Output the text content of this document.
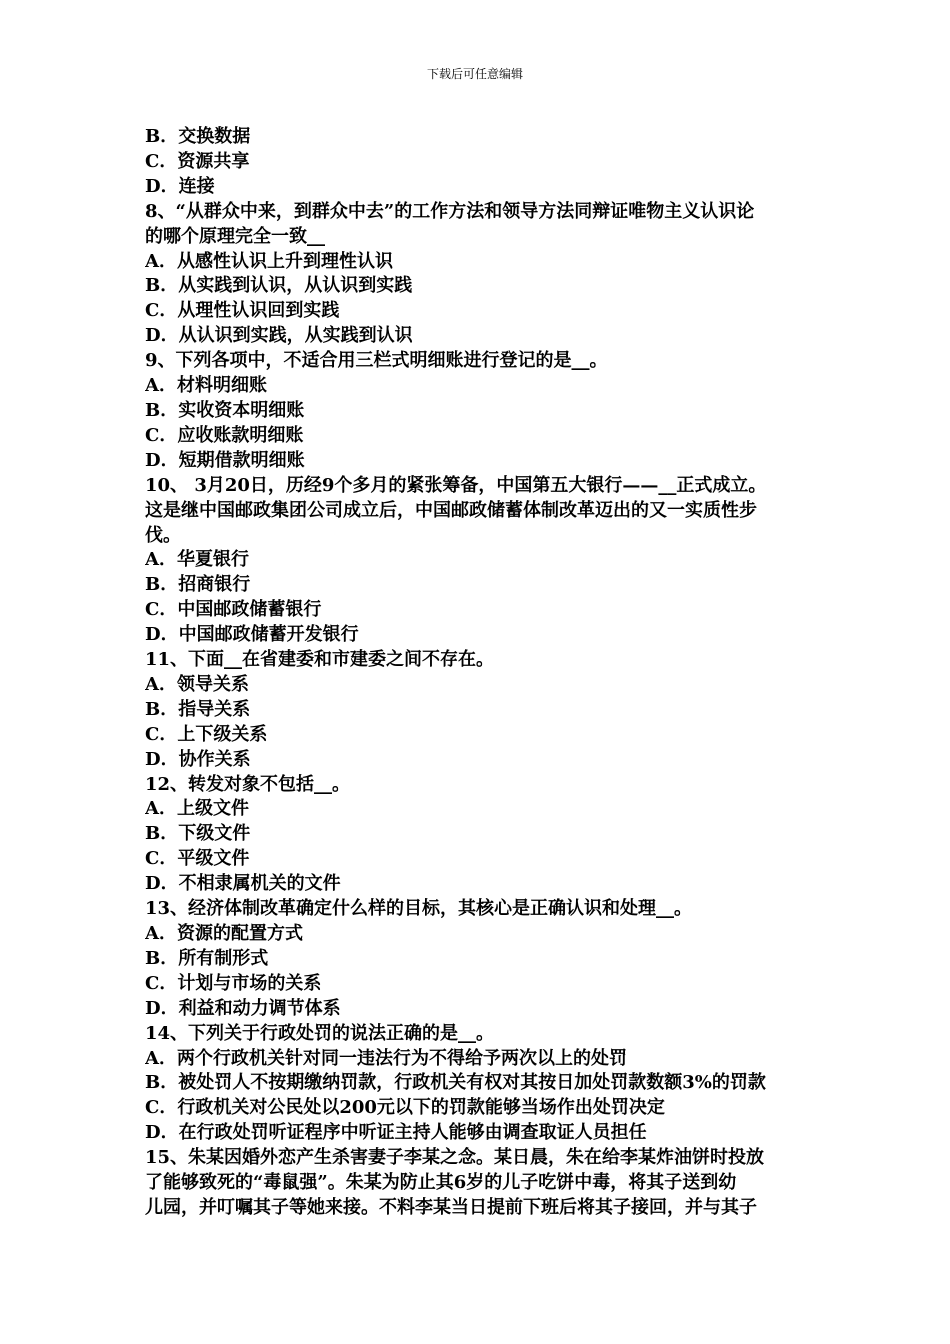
下载后可任意编辑
B．交换数据
C．资源共享
D．连接
8、“从群众中来，到群众中去”的工作方法和领导方法同辩证唯物主义认识论
的哪个原理完全一致__
A．从感性认识上升到理性认识
B．从实践到认识，从认识到实践
C．从理性认识回到实践
D．从认识到实践，从实践到认识
9、下列各项中，不适合用三栏式明细账进行登记的是__。
A．材料明细账
B．实收资本明细账
C．应收账款明细账
D．短期借款明细账
10、 3月20日，历经9个多月的紧张筹备，中国第五大银行——__正式成立。
这是继中国邮政集团公司成立后，中国邮政储蓄体制改革迈出的又一实质性步
伐。
A．华夏银行
B．招商银行
C．中国邮政储蓄银行
D．中国邮政储蓄开发银行
11、下面__在省建委和市建委之间不存在。
A．领导关系
B．指导关系
C．上下级关系
D．协作关系
12、转发对象不包括__。
A．上级文件
B．下级文件
C．平级文件
D．不相隶属机关的文件
13、经济体制改革确定什么样的目标，其核心是正确认识和处理__。
A．资源的配置方式
B．所有制形式
C．计划与市场的关系
D．利益和动力调节体系
14、下列关于行政处罚的说法正确的是__。
A．两个行政机关针对同一违法行为不得给予两次以上的处罚
B．被处罚人不按期缴纳罚款，行政机关有权对其按日加处罚款数额3%的罚款
C．行政机关对公民处以200元以下的罚款能够当场作出处罚决定
D．在行政处罚听证程序中听证主持人能够由调查取证人员担任
15、朱某因婚外恋产生杀害妻子李某之念。某日晨，朱在给李某炸油饼时投放
了能够致死的“毒鼠强”。朱某为防止其6岁的儿子吃饼中毒，将其子送到幼
儿园，并叮嘱其子等她来接。不料李某当日提前下班后将其子接回，并与其子
